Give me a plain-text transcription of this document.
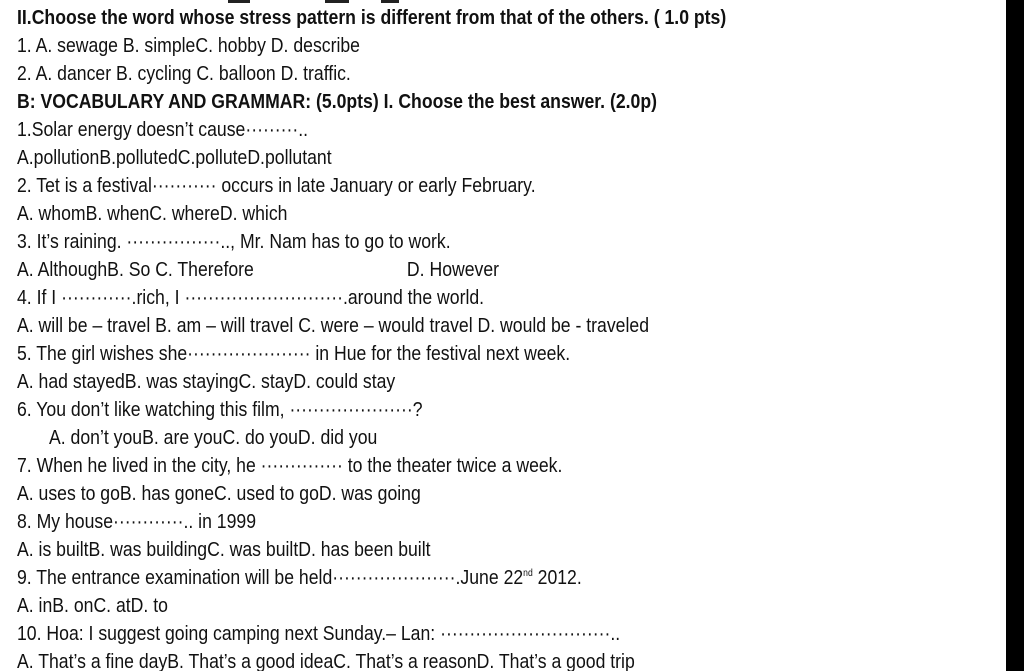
II.Choose the word whose stress pattern is different from that of the others. ( 1.0 pts)
1. A. sewage B. simpleC. hobby D. describe
2. A. dancer B. cycling C. balloon D. traffic.
B: VOCABULARY AND GRAMMAR: (5.0pts) I. Choose the best answer. (2.0p)
1.Solar energy doesn’t cause·········..
A.pollutionB.pollutedC.polluteD.pollutant
2. Tet is a festival··········· occurs in late January or early February.
A. whomB. whenC. whereD. which
3. It’s raining. ················.., Mr. Nam has to go to work.
A. AlthoughB. So C. Therefore	D. However
4. If I ············.rich, I ···························.around the world.
A. will be – travel B. am – will travel C. were – would travel D. would be - traveled
5. The girl wishes she····················· in Hue for the festival next week.
A. had stayedB. was stayingC. stayD. could stay
6. You don’t like watching this film, ·····················?
A. don’t youB. are youC. do youD. did you
7. When he lived in the city, he ·············· to the theater twice a week.
A. uses to goB. has goneC. used to goD. was going
8. My house············.. in 1999
A. is builtB. was buildingC. was builtD. has been built
9. The entrance examination will be held·····················.June 22nd 2012.
A. inB. onC. atD. to
10. Hoa: I suggest going camping next Sunday.– Lan: ·····························..
A. That’s a fine dayB. That’s a good ideaC. That’s a reasonD. That’s a good trip
